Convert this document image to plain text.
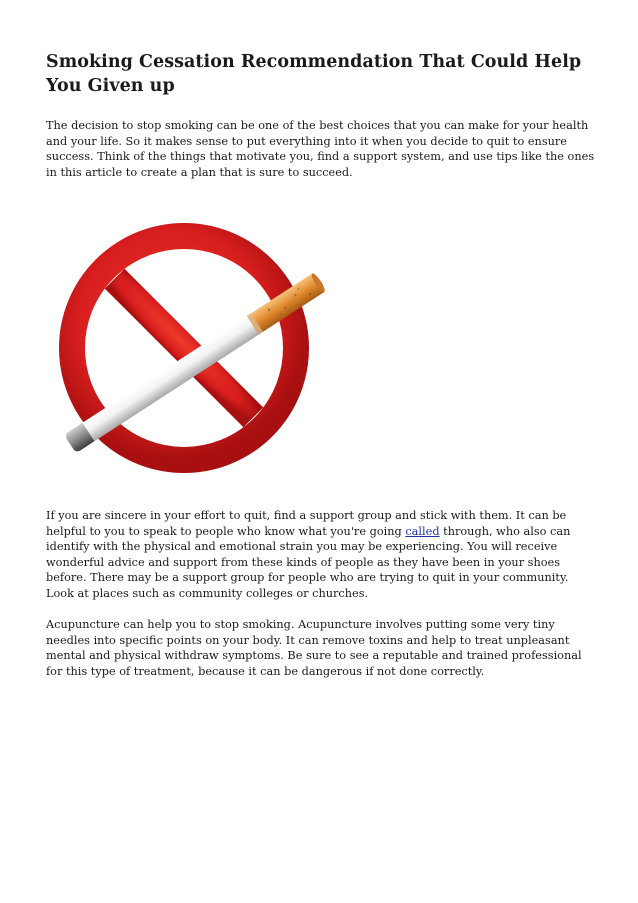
Smoking Cessation Recommendation That Could Help You Given up

The decision to stop smoking can be one of the best choices that you can make for your health and your life. So it makes sense to put everything into it when you decide to quit to ensure success. Think of the things that motivate you, find a support system, and use tips like the ones in this article to create a plan that is sure to succeed.

If you are sincere in your effort to quit, find a support group and stick with them. It can be helpful to you to speak to people who know what you're going called through, who also can identify with the physical and emotional strain you may be experiencing. You will receive wonderful advice and support from these kinds of people as they have been in your shoes before. There may be a support group for people who are trying to quit in your community. Look at places such as community colleges or churches.

Acupuncture can help you to stop smoking. Acupuncture involves putting some very tiny needles into specific points on your body. It can remove toxins and help to treat unpleasant mental and physical withdraw symptoms. Be sure to see a reputable and trained professional for this type of treatment, because it can be dangerous if not done correctly.
